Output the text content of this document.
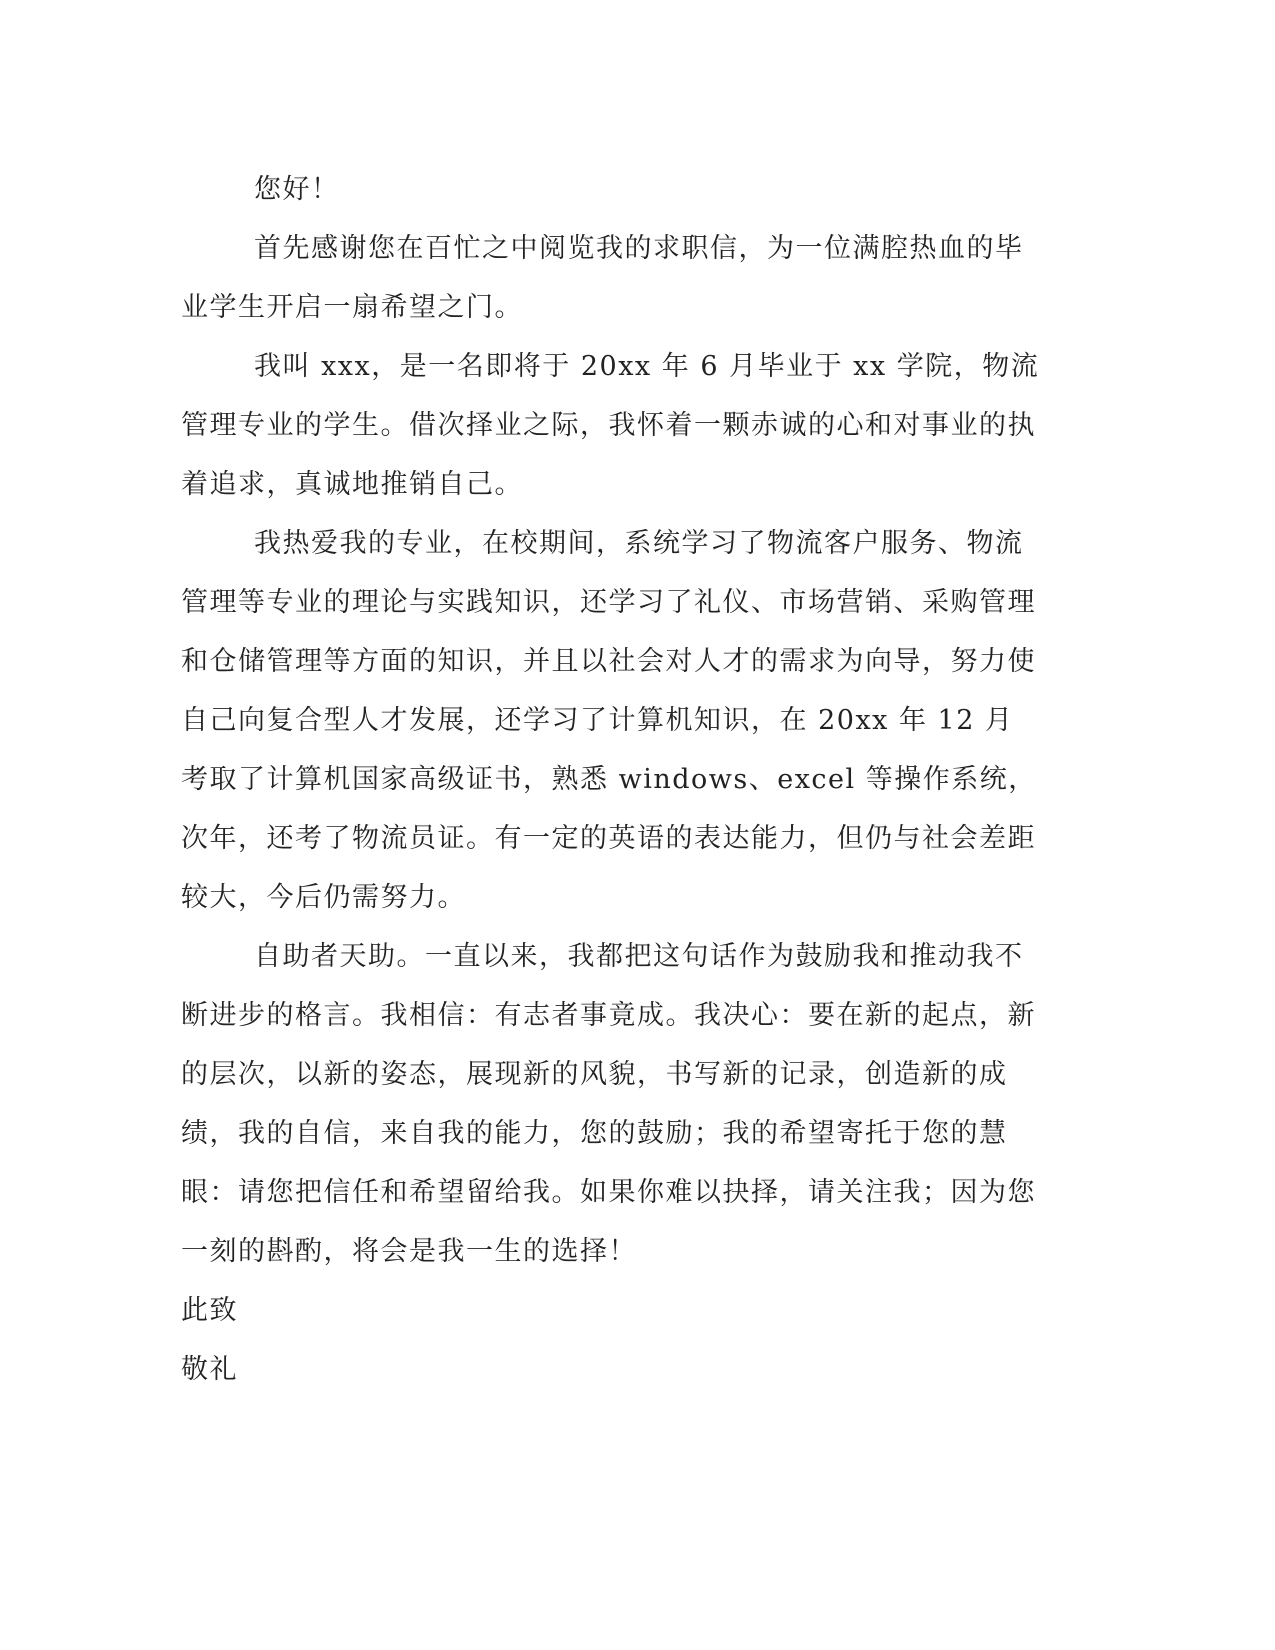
您好！

首先感谢您在百忙之中阅览我的求职信，为一位满腔热血的毕业学生开启一扇希望之门。

我叫 xxx，是一名即将于 20xx 年 6 月毕业于 xx 学院，物流管理专业的学生。借次择业之际，我怀着一颗赤诚的心和对事业的执着追求，真诚地推销自己。

我热爱我的专业，在校期间，系统学习了物流客户服务、物流管理等专业的理论与实践知识，还学习了礼仪、市场营销、采购管理和仓储管理等方面的知识，并且以社会对人才的需求为向导，努力使自己向复合型人才发展，还学习了计算机知识，在 20xx 年 12 月考取了计算机国家高级证书，熟悉 windows、excel 等操作系统，次年，还考了物流员证。有一定的英语的表达能力，但仍与社会差距较大，今后仍需努力。

自助者天助。一直以来，我都把这句话作为鼓励我和推动我不断进步的格言。我相信：有志者事竟成。我决心：要在新的起点，新的层次，以新的姿态，展现新的风貌，书写新的记录，创造新的成绩，我的自信，来自我的能力，您的鼓励；我的希望寄托于您的慧眼：请您把信任和希望留给我。如果你难以抉择，请关注我；因为您一刻的斟酌，将会是我一生的选择！

此致

敬礼
